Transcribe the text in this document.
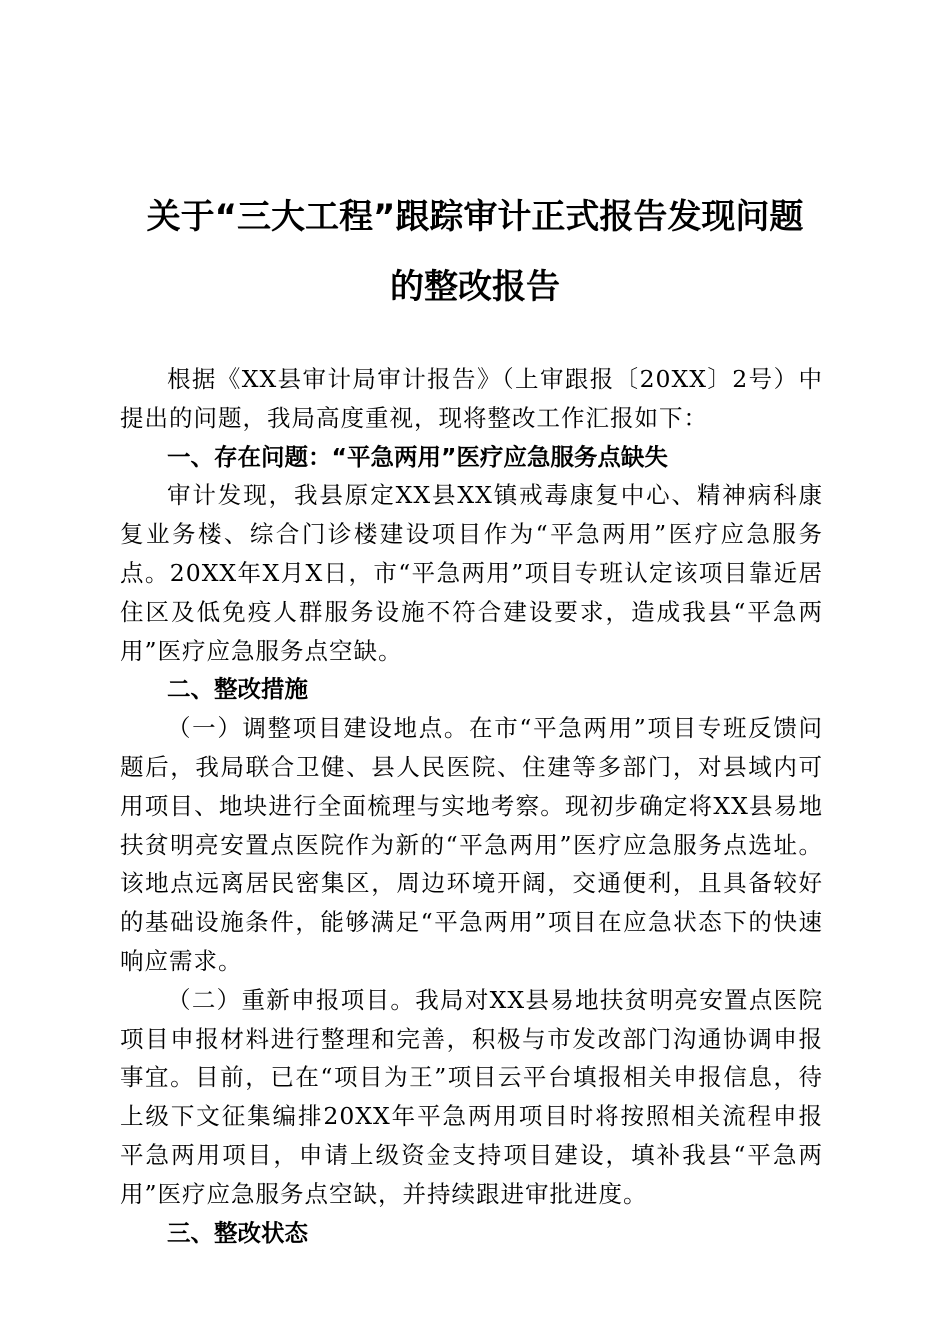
关于“三大工程”跟踪审计正式报告发现问题
的整改报告

根据《XX县审计局审计报告》（上审跟报〔20XX〕2号）中提出的问题，我局高度重视，现将整改工作汇报如下：

一、存在问题：“平急两用”医疗应急服务点缺失

审计发现，我县原定XX县XX镇戒毒康复中心、精神病科康复业务楼、综合门诊楼建设项目作为“平急两用”医疗应急服务点。20XX年X月X日，市“平急两用”项目专班认定该项目靠近居住区及低免疫人群服务设施不符合建设要求，造成我县“平急两用”医疗应急服务点空缺。

二、整改措施

（一）调整项目建设地点。在市“平急两用”项目专班反馈问题后，我局联合卫健、县人民医院、住建等多部门，对县域内可用项目、地块进行全面梳理与实地考察。现初步确定将XX县易地扶贫明亮安置点医院作为新的“平急两用”医疗应急服务点选址。该地点远离居民密集区，周边环境开阔，交通便利，且具备较好的基础设施条件，能够满足“平急两用”项目在应急状态下的快速响应需求。

（二）重新申报项目。我局对XX县易地扶贫明亮安置点医院项目申报材料进行整理和完善，积极与市发改部门沟通协调申报事宜。目前，已在“项目为王”项目云平台填报相关申报信息，待上级下文征集编排20XX年平急两用项目时将按照相关流程申报平急两用项目，申请上级资金支持项目建设，填补我县“平急两用”医疗应急服务点空缺，并持续跟进审批进度。

三、整改状态
